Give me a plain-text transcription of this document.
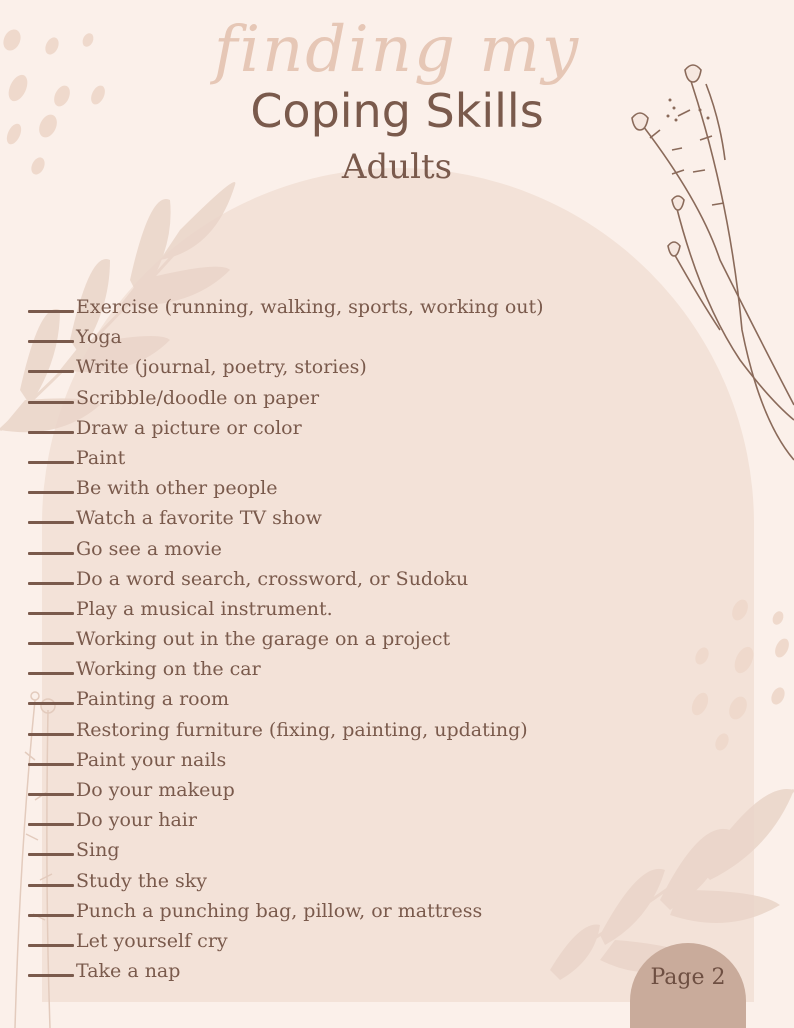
finding my
Coping Skills
Adults
Exercise (running, walking, sports, working out)
Yoga
Write (journal, poetry, stories)
Scribble/doodle on paper
Draw a picture or color
Paint
Be with other people
Watch a favorite TV show
Go see a movie
Do a word search, crossword, or Sudoku
Play a musical instrument.
Working out in the garage on a project
Working on the car
Painting a room
Restoring furniture (fixing, painting, updating)
Paint your nails
Do your makeup
Do your hair
Sing
Study the sky
Punch a punching bag, pillow, or mattress
Let yourself cry
Take a nap	Page 2
